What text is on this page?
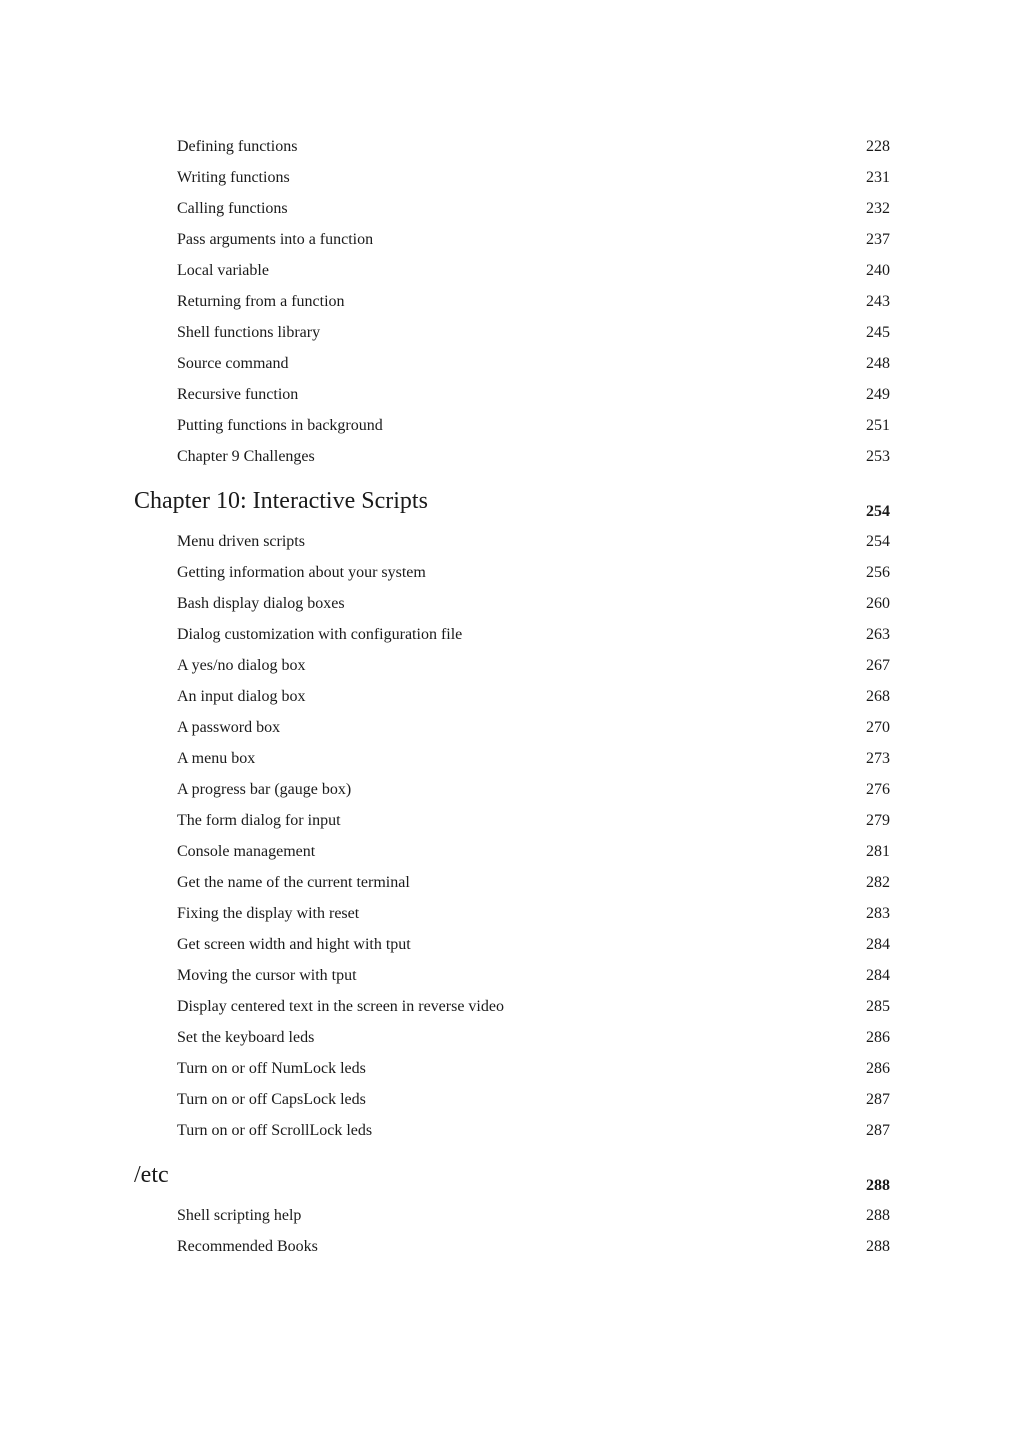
Defining functions	228
Writing functions	231
Calling functions	232
Pass arguments into a function	237
Local variable	240
Returning from a function	243
Shell functions library	245
Source command	248
Recursive function	249
Putting functions in background	251
Chapter 9 Challenges	253
Chapter 10: Interactive Scripts	254
Menu driven scripts	254
Getting information about your system	256
Bash display dialog boxes	260
Dialog customization with configuration file	263
A yes/no dialog box	267
An input dialog box	268
A password box	270
A menu box	273
A progress bar (gauge box)	276
The form dialog for input	279
Console management	281
Get the name of the current terminal	282
Fixing the display with reset	283
Get screen width and hight with tput	284
Moving the cursor with tput	284
Display centered text in the screen in reverse video	285
Set the keyboard leds	286
Turn on or off NumLock leds	286
Turn on or off CapsLock leds	287
Turn on or off ScrollLock leds	287
/etc	288
Shell scripting help	288
Recommended Books	288
